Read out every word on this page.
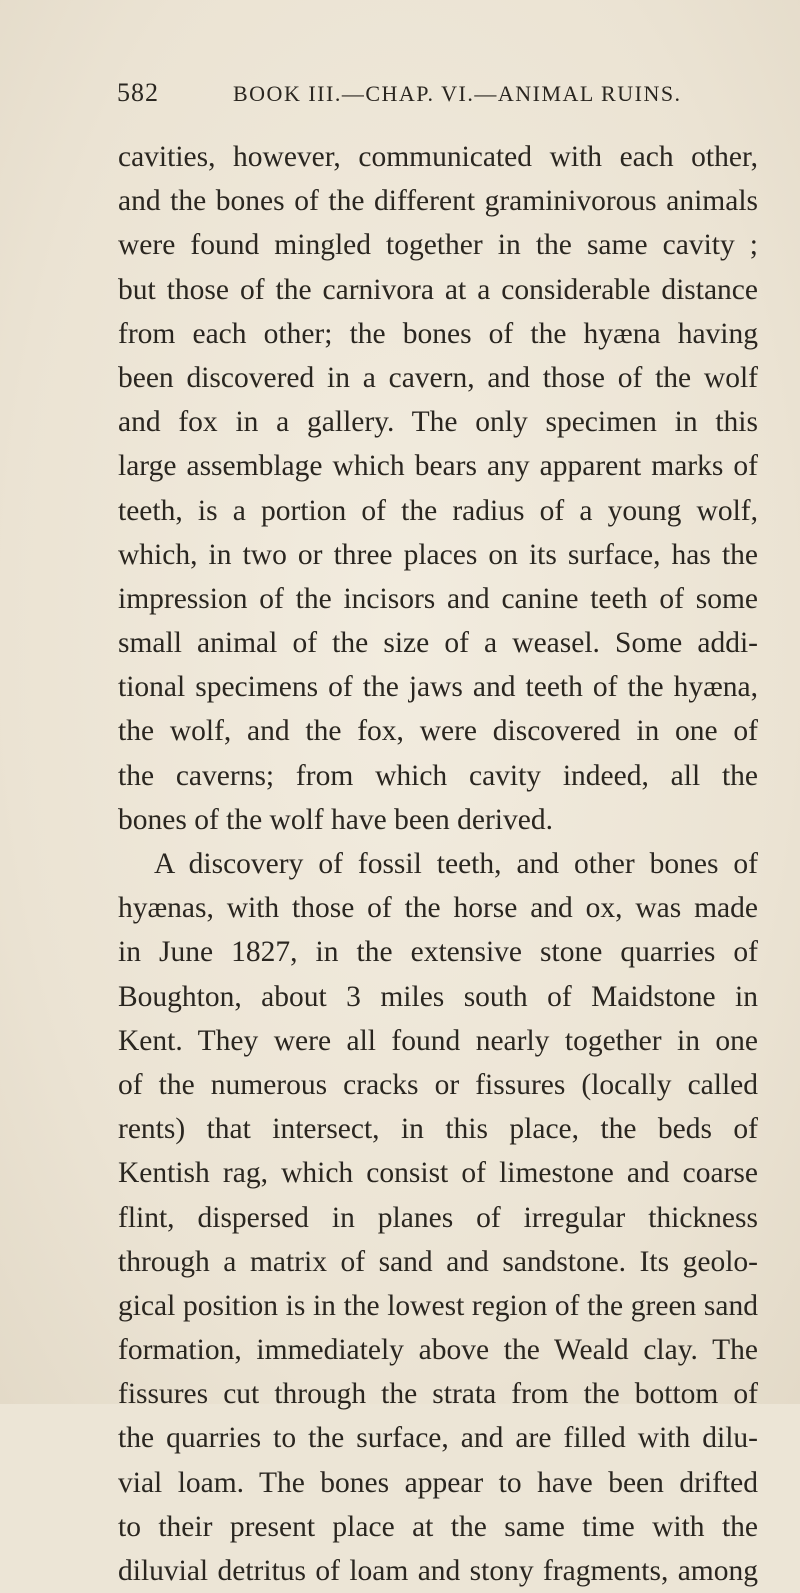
582	BOOK III.—CHAP. VI.—ANIMAL RUINS.
cavities, however, communicated with each other,
and the bones of the different graminivorous animals
were found mingled together in the same cavity ;
but those of the carnivora at a considerable distance
from each other; the bones of the hyæna having
been discovered in a cavern, and those of the wolf
and fox in a gallery. The only specimen in this
large assemblage which bears any apparent marks of
teeth, is a portion of the radius of a young wolf,
which, in two or three places on its surface, has the
impression of the incisors and canine teeth of some
small animal of the size of a weasel. Some addi-
tional specimens of the jaws and teeth of the hyæna,
the wolf, and the fox, were discovered in one of
the caverns; from which cavity indeed, all the
bones of the wolf have been derived.
A discovery of fossil teeth, and other bones of
hyænas, with those of the horse and ox, was made
in June 1827, in the extensive stone quarries of
Boughton, about 3 miles south of Maidstone in
Kent. They were all found nearly together in one
of the numerous cracks or fissures (locally called
rents) that intersect, in this place, the beds of
Kentish rag, which consist of limestone and coarse
flint, dispersed in planes of irregular thickness
through a matrix of sand and sandstone. Its geolo-
gical position is in the lowest region of the green sand
formation, immediately above the Weald clay. The
fissures cut through the strata from the bottom of
the quarries to the surface, and are filled with dilu-
vial loam. The bones appear to have been drifted
to their present place at the same time with the
diluvial detritus of loam and stony fragments, among
